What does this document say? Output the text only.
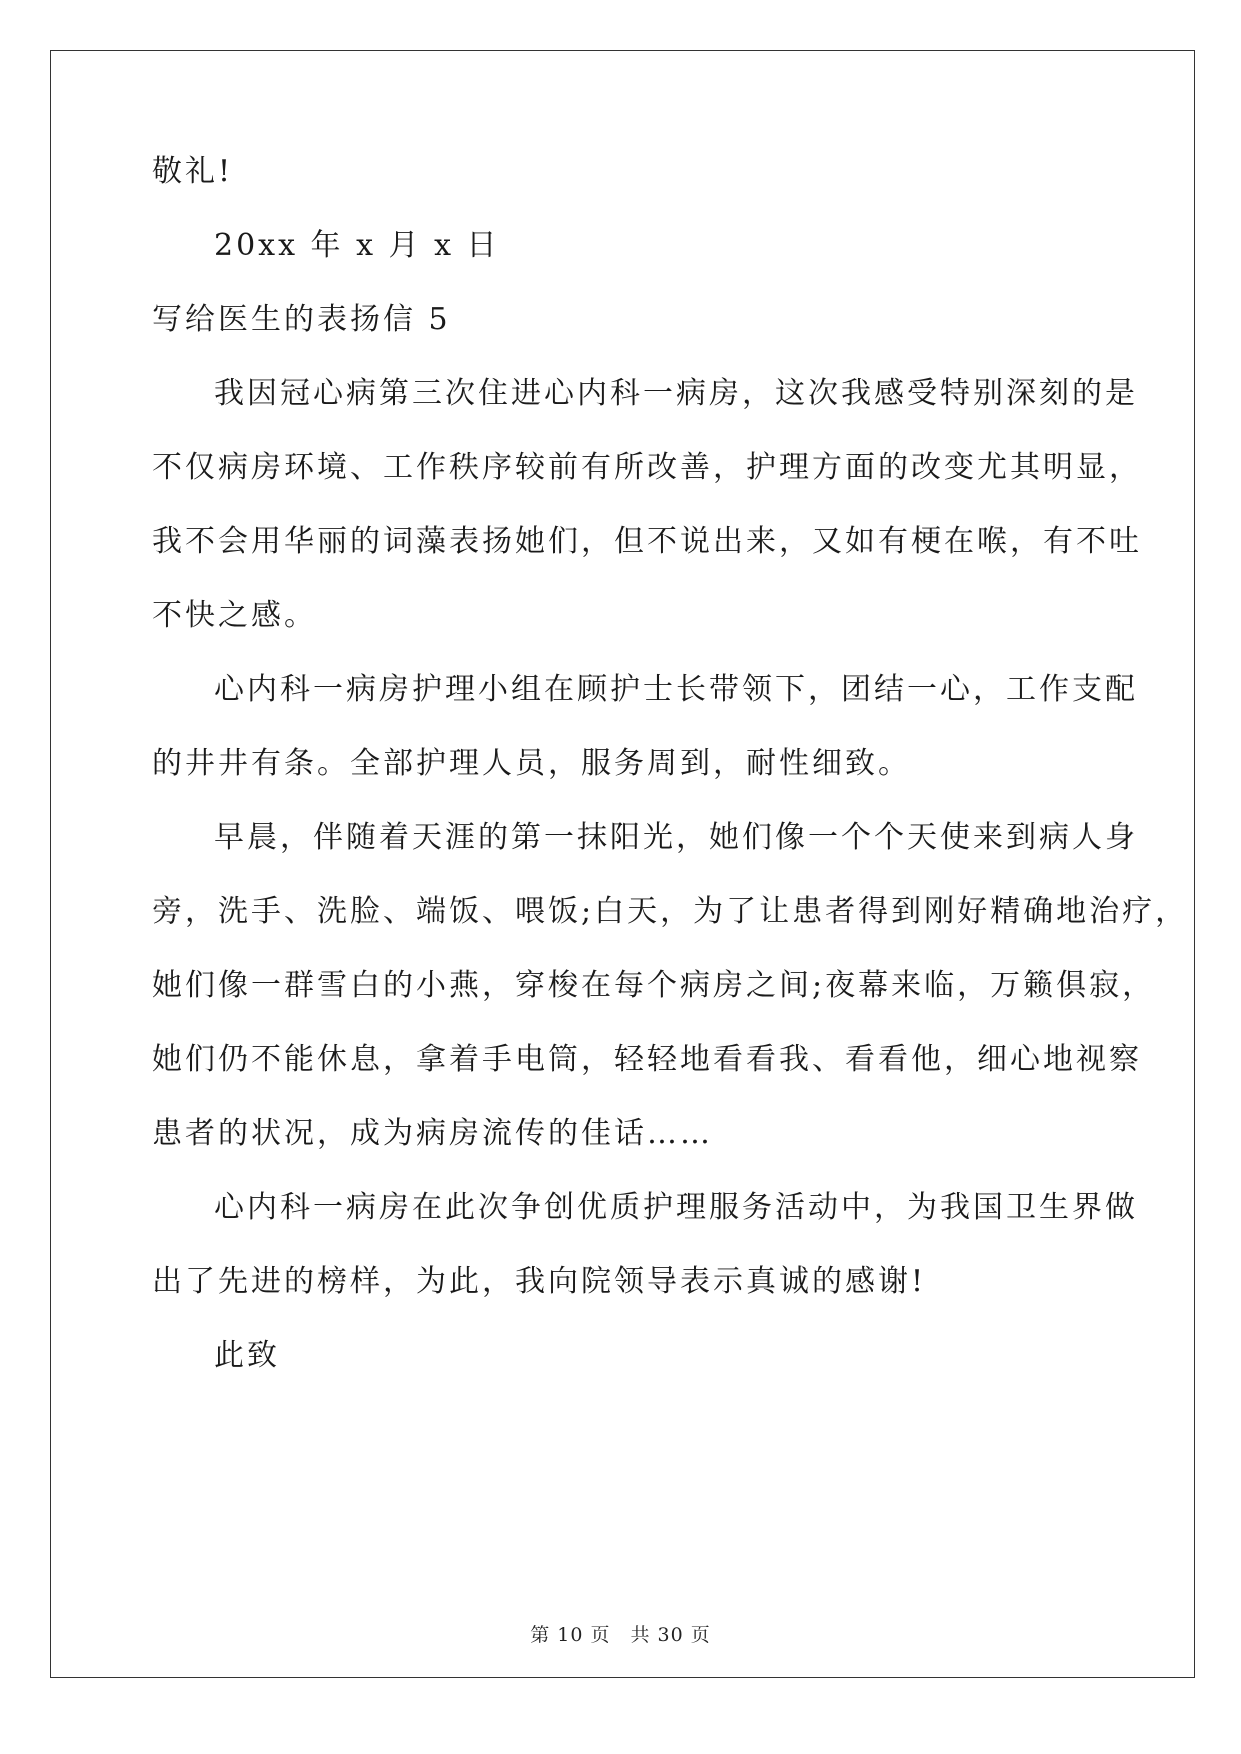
敬礼!
20xx 年 x 月 x 日
写给医生的表扬信 5
我因冠心病第三次住进心内科一病房，这次我感受特别深刻的是
不仅病房环境、工作秩序较前有所改善，护理方面的改变尤其明显，
我不会用华丽的词藻表扬她们，但不说出来，又如有梗在喉，有不吐
不快之感。
心内科一病房护理小组在顾护士长带领下，团结一心，工作支配
的井井有条。全部护理人员，服务周到，耐性细致。
早晨，伴随着天涯的第一抹阳光，她们像一个个天使来到病人身
旁，洗手、洗脸、端饭、喂饭;白天，为了让患者得到刚好精确地治疗，
她们像一群雪白的小燕，穿梭在每个病房之间;夜幕来临，万籁俱寂，
她们仍不能休息，拿着手电筒，轻轻地看看我、看看他，细心地视察
患者的状况，成为病房流传的佳话……
心内科一病房在此次争创优质护理服务活动中，为我国卫生界做
出了先进的榜样，为此，我向院领导表示真诚的感谢!
此致
第 10 页　共 30 页
